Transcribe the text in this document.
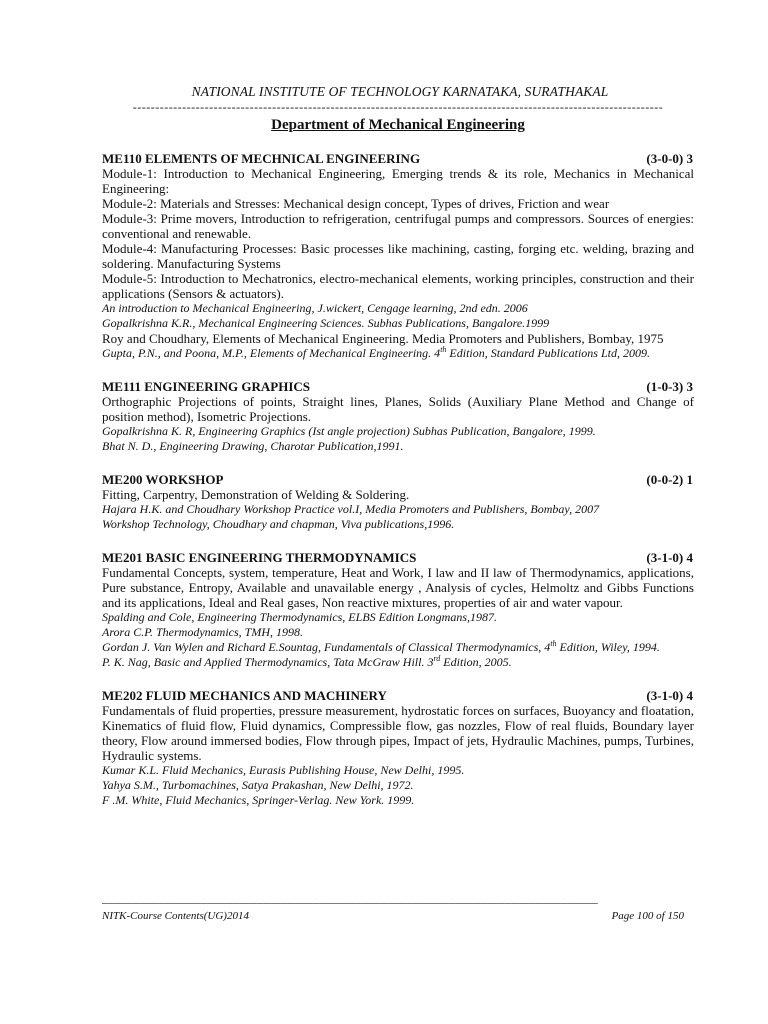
NATIONAL INSTITUTE OF TECHNOLOGY KARNATAKA, SURATHAKAL
----------------------------------------------------------------------------------------------------------------------
Department of Mechanical Engineering
ME110 ELEMENTS OF MECHNICAL ENGINEERING	(3-0-0) 3
Module-1: Introduction to Mechanical Engineering, Emerging trends & its role, Mechanics in Mechanical Engineering:
Module-2: Materials and Stresses: Mechanical design concept, Types of drives, Friction and wear
Module-3: Prime movers, Introduction to refrigeration, centrifugal pumps and compressors. Sources of energies: conventional and renewable.
Module-4: Manufacturing Processes: Basic processes like machining, casting, forging etc. welding, brazing and soldering. Manufacturing Systems
Module-5: Introduction to Mechatronics, electro-mechanical elements, working principles, construction and their applications (Sensors & actuators).
An introduction to Mechanical Engineering, J.wickert, Cengage learning, 2nd edn. 2006
Gopalkrishna K.R., Mechanical Engineering Sciences. Subhas Publications, Bangalore.1999
Roy and Choudhary, Elements of Mechanical Engineering. Media Promoters and Publishers, Bombay, 1975
Gupta, P.N., and Poona, M.P., Elements of Mechanical Engineering. 4th Edition, Standard Publications Ltd, 2009.
ME111 ENGINEERING GRAPHICS	(1-0-3) 3
Orthographic Projections of points, Straight lines, Planes, Solids (Auxiliary Plane Method and Change of position method), Isometric Projections.
Gopalkrishna K. R, Engineering Graphics (Ist angle projection) Subhas Publication, Bangalore, 1999.
Bhat N. D., Engineering Drawing, Charotar Publication,1991.
ME200 WORKSHOP	(0-0-2) 1
Fitting, Carpentry, Demonstration of Welding & Soldering.
Hajara H.K. and Choudhary Workshop Practice vol.I, Media Promoters and Publishers, Bombay, 2007
Workshop Technology, Choudhary and chapman, Viva publications,1996.
ME201 BASIC ENGINEERING THERMODYNAMICS	(3-1-0) 4
Fundamental Concepts, system, temperature, Heat and Work, I law and II law of Thermodynamics, applications, Pure substance, Entropy, Available and unavailable energy , Analysis of cycles, Helmoltz and Gibbs Functions and its applications, Ideal and Real gases, Non reactive mixtures, properties of air and water vapour.
Spalding and Cole, Engineering Thermodynamics, ELBS Edition Longmans,1987.
Arora C.P. Thermodynamics, TMH, 1998.
Gordan J. Van Wylen and Richard E.Sountag, Fundamentals of Classical Thermodynamics, 4th Edition, Wiley, 1994.
P. K. Nag, Basic and Applied Thermodynamics, Tata McGraw Hill. 3rd Edition, 2005.
ME202 FLUID MECHANICS AND MACHINERY	(3-1-0) 4
Fundamentals of fluid properties, pressure measurement, hydrostatic forces on surfaces, Buoyancy and floatation, Kinematics of fluid flow, Fluid dynamics, Compressible flow, gas nozzles, Flow of real fluids, Boundary layer theory, Flow around immersed bodies, Flow through pipes, Impact of jets, Hydraulic Machines, pumps, Turbines, Hydraulic systems.
Kumar K.L. Fluid Mechanics, Eurasis Publishing House, New Delhi, 1995.
Yahya S.M., Turbomachines, Satya Prakashan, New Delhi, 1972.
F .M. White, Fluid Mechanics, Springer-Verlag. New York. 1999.
________________________________________________________________________________
NITK-Course Contents(UG)2014	Page 100 of 150
